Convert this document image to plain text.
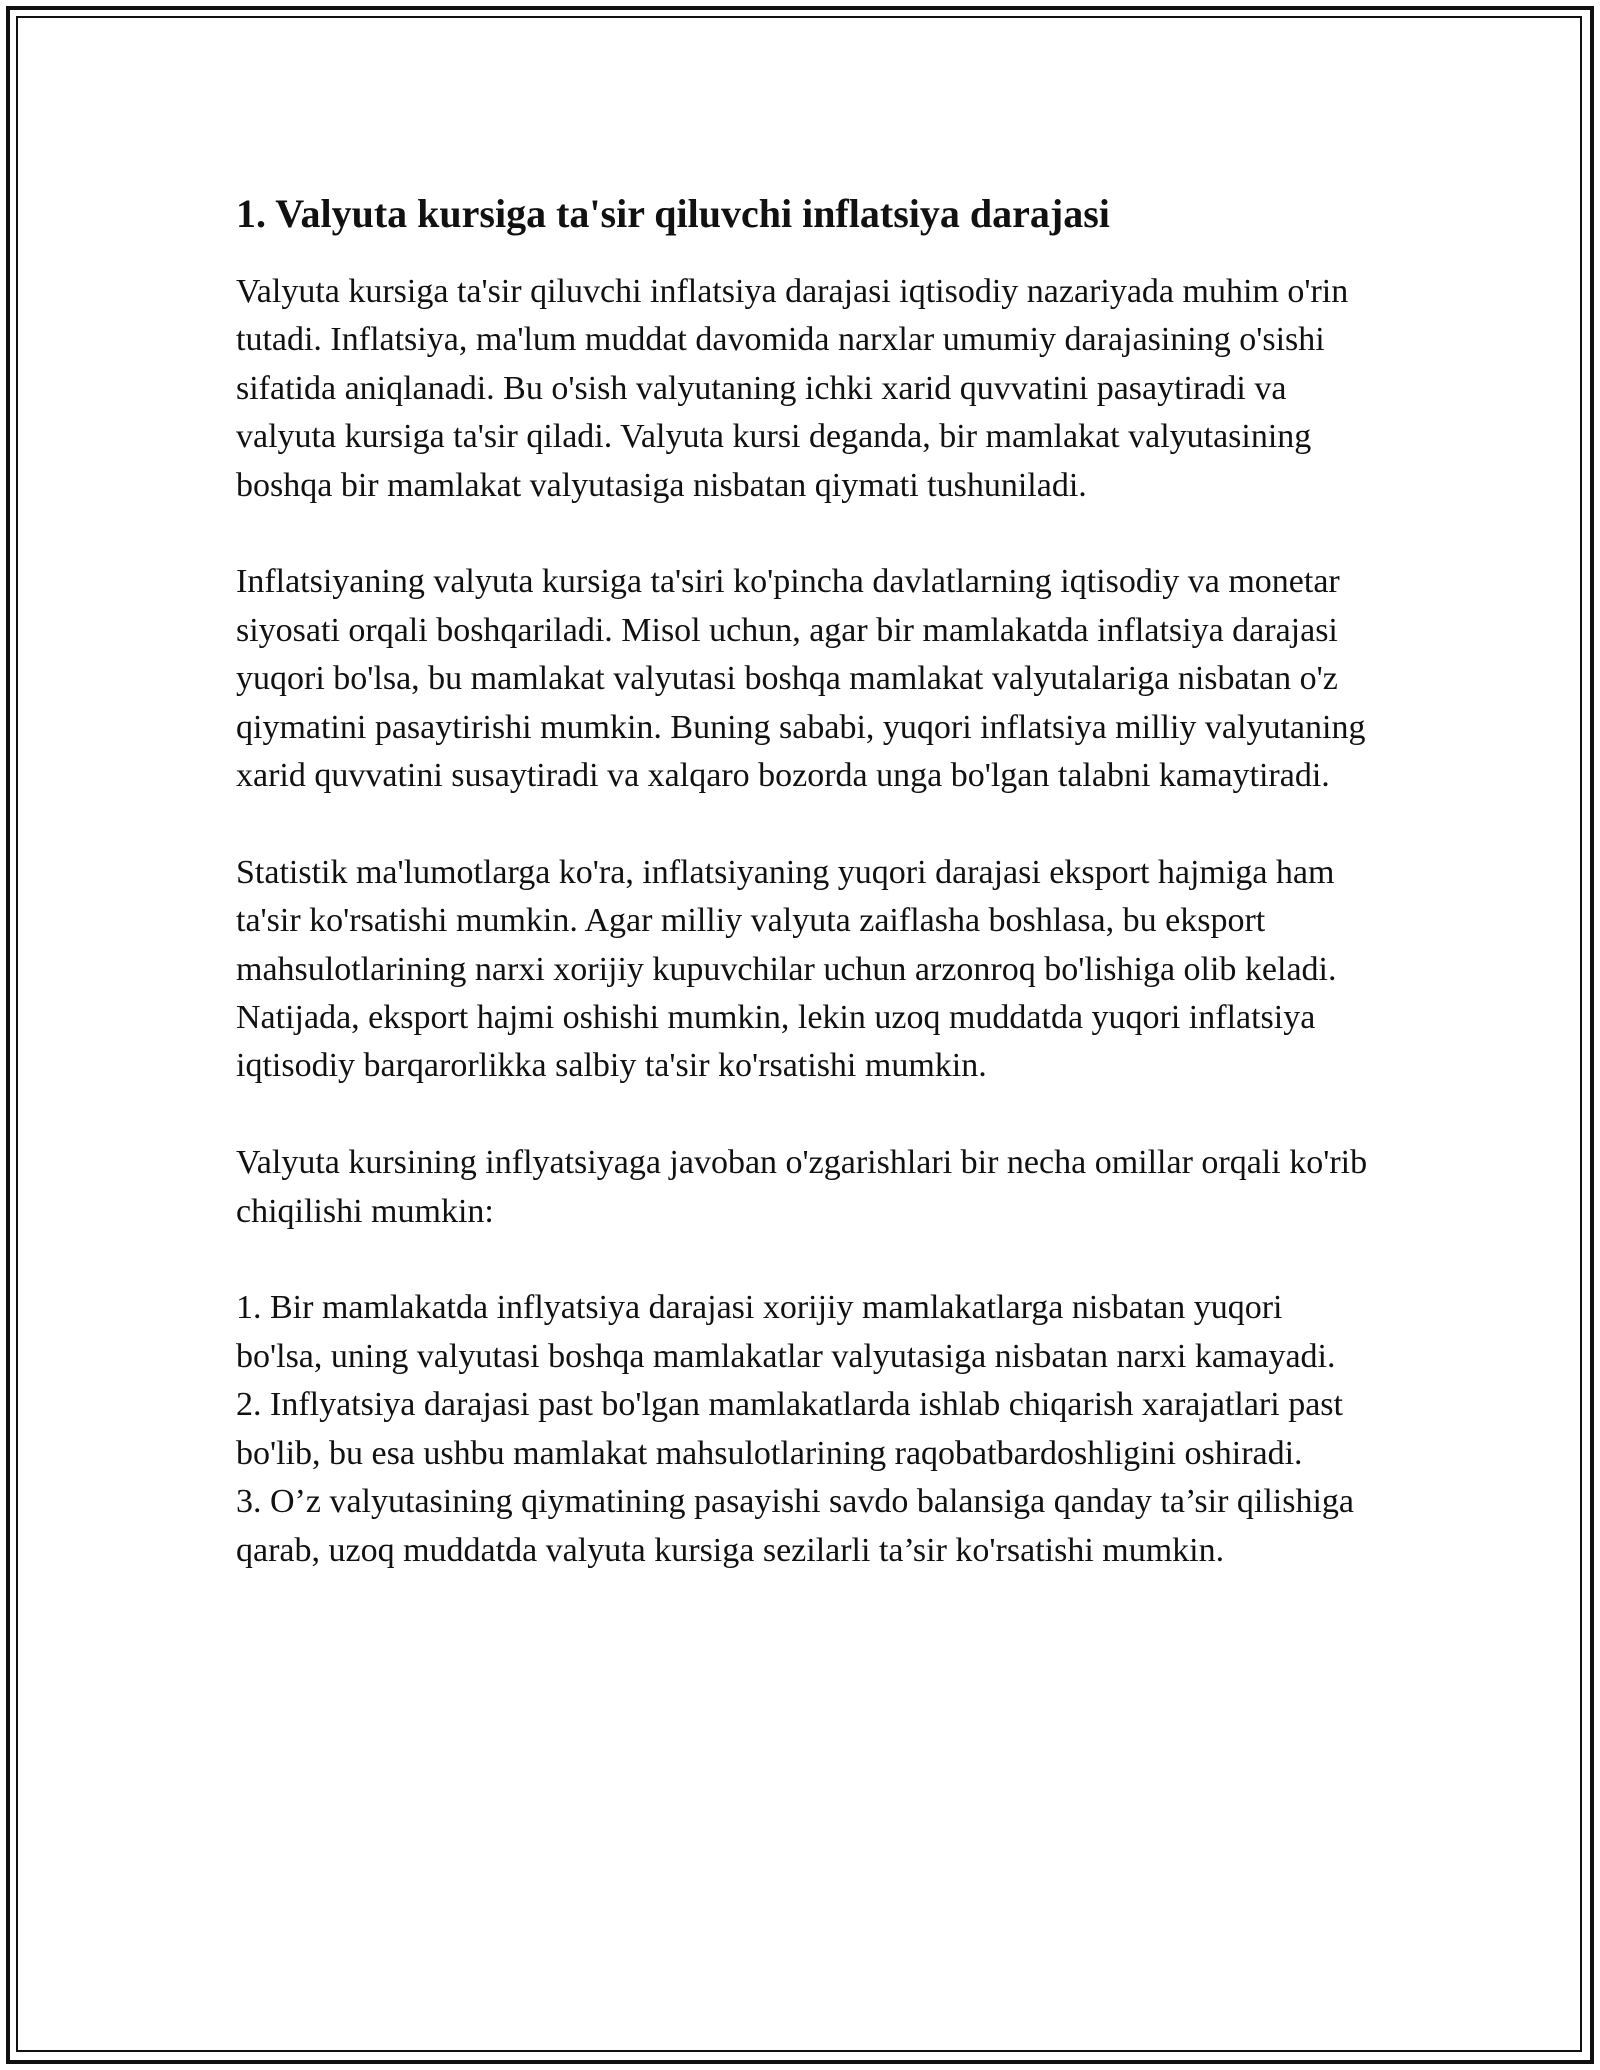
1. Valyuta kursiga ta'sir qiluvchi inflatsiya darajasi

Valyuta kursiga ta'sir qiluvchi inflatsiya darajasi iqtisodiy nazariyada muhim o'rin tutadi. Inflatsiya, ma'lum muddat davomida narxlar umumiy darajasining o'sishi sifatida aniqlanadi. Bu o'sish valyutaning ichki xarid quvvatini pasaytiradi va valyuta kursiga ta'sir qiladi. Valyuta kursi deganda, bir mamlakat valyutasining boshqa bir mamlakat valyutasiga nisbatan qiymati tushuniladi.

Inflatsiyaning valyuta kursiga ta'siri ko'pincha davlatlarning iqtisodiy va monetar siyosati orqali boshqariladi. Misol uchun, agar bir mamlakatda inflatsiya darajasi yuqori bo'lsa, bu mamlakat valyutasi boshqa mamlakat valyutalariga nisbatan o'z qiymatini pasaytirishi mumkin. Buning sababi, yuqori inflatsiya milliy valyutaning xarid quvvatini susaytiradi va xalqaro bozorda unga bo'lgan talabni kamaytiradi.

Statistik ma'lumotlarga ko'ra, inflatsiyaning yuqori darajasi eksport hajmiga ham ta'sir ko'rsatishi mumkin. Agar milliy valyuta zaiflasha boshlasa, bu eksport mahsulotlarining narxi xorijiy kupuvchilar uchun arzonroq bo'lishiga olib keladi. Natijada, eksport hajmi oshishi mumkin, lekin uzoq muddatda yuqori inflatsiya iqtisodiy barqarorlikka salbiy ta'sir ko'rsatishi mumkin.

Valyuta kursining inflyatsiyaga javoban o'zgarishlari bir necha omillar orqali ko'rib chiqilishi mumkin:

1. Bir mamlakatda inflyatsiya darajasi xorijiy mamlakatlarga nisbatan yuqori bo'lsa, uning valyutasi boshqa mamlakatlar valyutasiga nisbatan narxi kamayadi.
2. Inflyatsiya darajasi past bo'lgan mamlakatlarda ishlab chiqarish xarajatlari past bo'lib, bu esa ushbu mamlakat mahsulotlarining raqobatbardoshligini oshiradi.
3. O’z valyutasining qiymatining pasayishi savdo balansiga qanday ta’sir qilishiga qarab, uzoq muddatda valyuta kursiga sezilarli ta’sir ko'rsatishi mumkin.
